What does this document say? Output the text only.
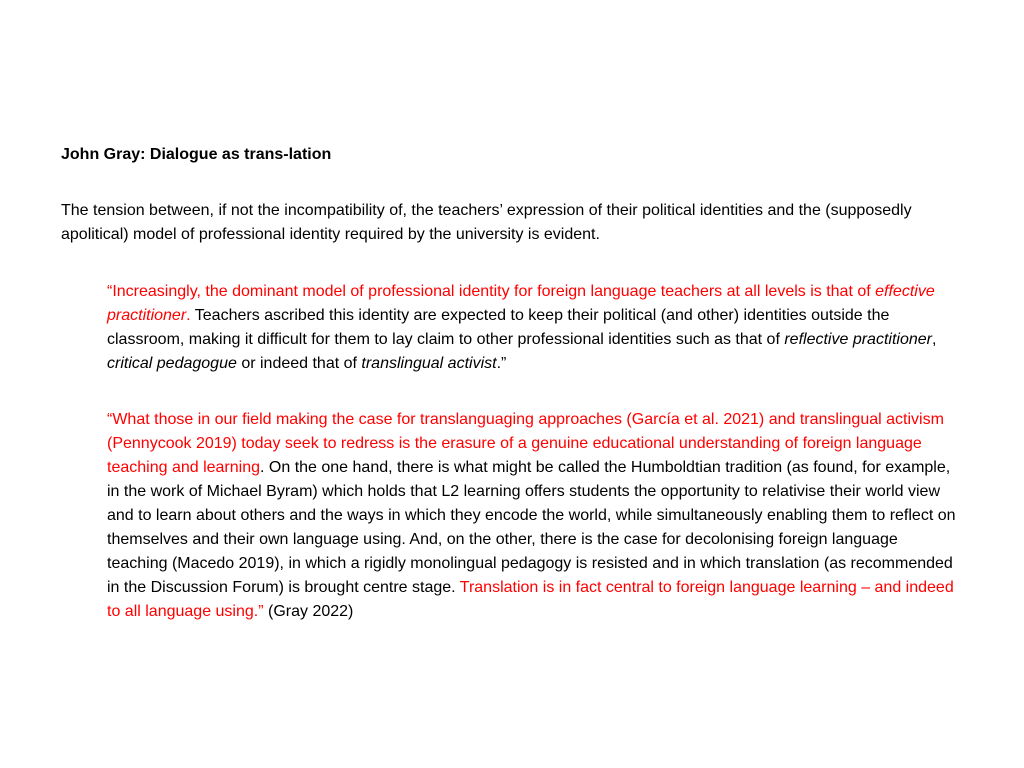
John Gray: Dialogue as trans-lation

The tension between, if not the incompatibility of, the teachers’ expression of their political identities and the (supposedly apolitical) model of professional identity required by the university is evident.

“Increasingly, the dominant model of professional identity for foreign language teachers at all levels is that of effective practitioner. Teachers ascribed this identity are expected to keep their political (and other) identities outside the classroom, making it difficult for them to lay claim to other professional identities such as that of reflective practitioner, critical pedagogue or indeed that of translingual activist.”

“What those in our field making the case for translanguaging approaches (García et al. 2021) and translingual activism (Pennycook 2019) today seek to redress is the erasure of a genuine educational understanding of foreign language teaching and learning. On the one hand, there is what might be called the Humboldtian tradition (as found, for example, in the work of Michael Byram) which holds that L2 learning offers students the opportunity to relativise their world view and to learn about others and the ways in which they encode the world, while simultaneously enabling them to reflect on themselves and their own language using. And, on the other, there is the case for decolonising foreign language teaching (Macedo 2019), in which a rigidly monolingual pedagogy is resisted and in which translation (as recommended in the Discussion Forum) is brought centre stage. Translation is in fact central to foreign language learning – and indeed to all language using.” (Gray 2022)
